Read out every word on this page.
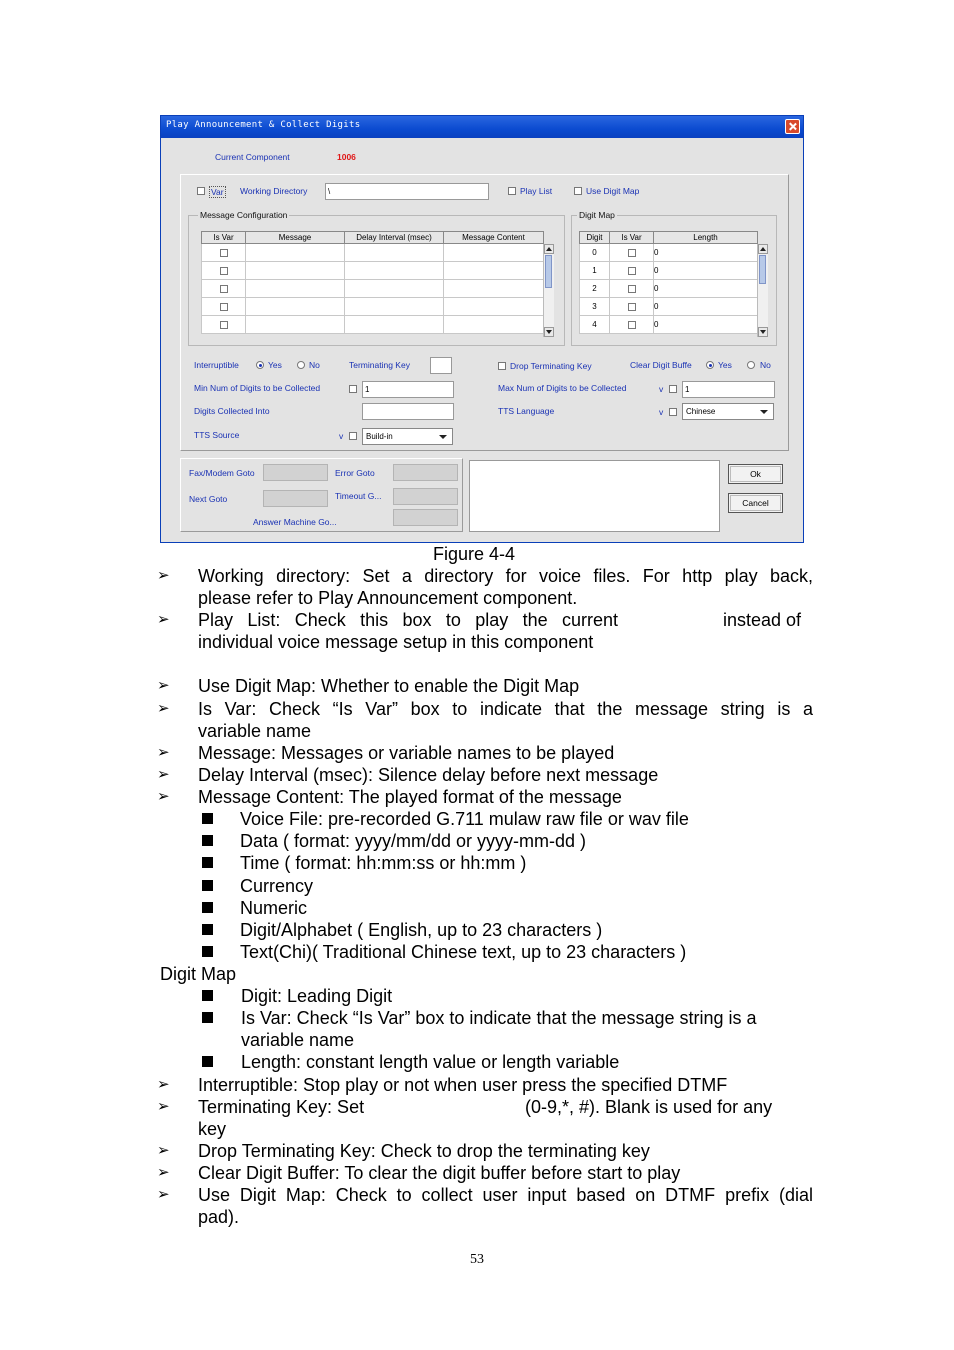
Play Announcement & Collect Digits
Current Component	1006
Var Working Directory	\	Play List	Use Digit Map
Message Configuration
Is Var	Message	Delay Interval (msec)	Message Content

Digit Map
Digit	Is Var	Length
0		0
1		0
2		0
3		0
4		0
Interruptible	Yes	No	Terminating Key	Drop Terminating Key	Clear Digit Buffe	Yes	No
Min Num of Digits to be Collected	1	Max Num of Digits to be Collected	v	1
Digits Collected Into	TTS Language	v	Chinese
TTS Source	v	Build-in
Fax/Modem Goto	Error Goto
Next Goto	Timeout G...
Answer Machine Go...
Ok
Cancel
Figure 4-4
➢ Working directory: Set a directory for voice files. For http play back,
please refer to Play Announcement component.
➢ Play List: Check this box to play the current	instead of
individual voice message setup in this component
➢ Use Digit Map: Whether to enable the Digit Map
➢ Is Var: Check “Is Var” box to indicate that the message string is a
variable name
➢ Message: Messages or variable names to be played
➢ Delay Interval (msec): Silence delay before next message
➢ Message Content: The played format of the message
Voice File: pre-recorded G.711 mulaw raw file or wav file
Data ( format: yyyy/mm/dd or yyyy-mm-dd )
Time ( format: hh:mm:ss or hh:mm )
Currency
Numeric
Digit/Alphabet ( English, up to 23 characters )
Text(Chi)( Traditional Chinese text, up to 23 characters )
Digit Map
Digit: Leading Digit
Is Var: Check “Is Var” box to indicate that the message string is a
variable name
Length: constant length value or length variable
➢ Interruptible: Stop play or not when user press the specified DTMF
➢ Terminating Key: Set	(0-9,*, #). Blank is used for any
key
➢ Drop Terminating Key: Check to drop the terminating key
➢ Clear Digit Buffer: To clear the digit buffer before start to play
➢ Use Digit Map: Check to collect user input based on DTMF prefix (dial
pad).
53
